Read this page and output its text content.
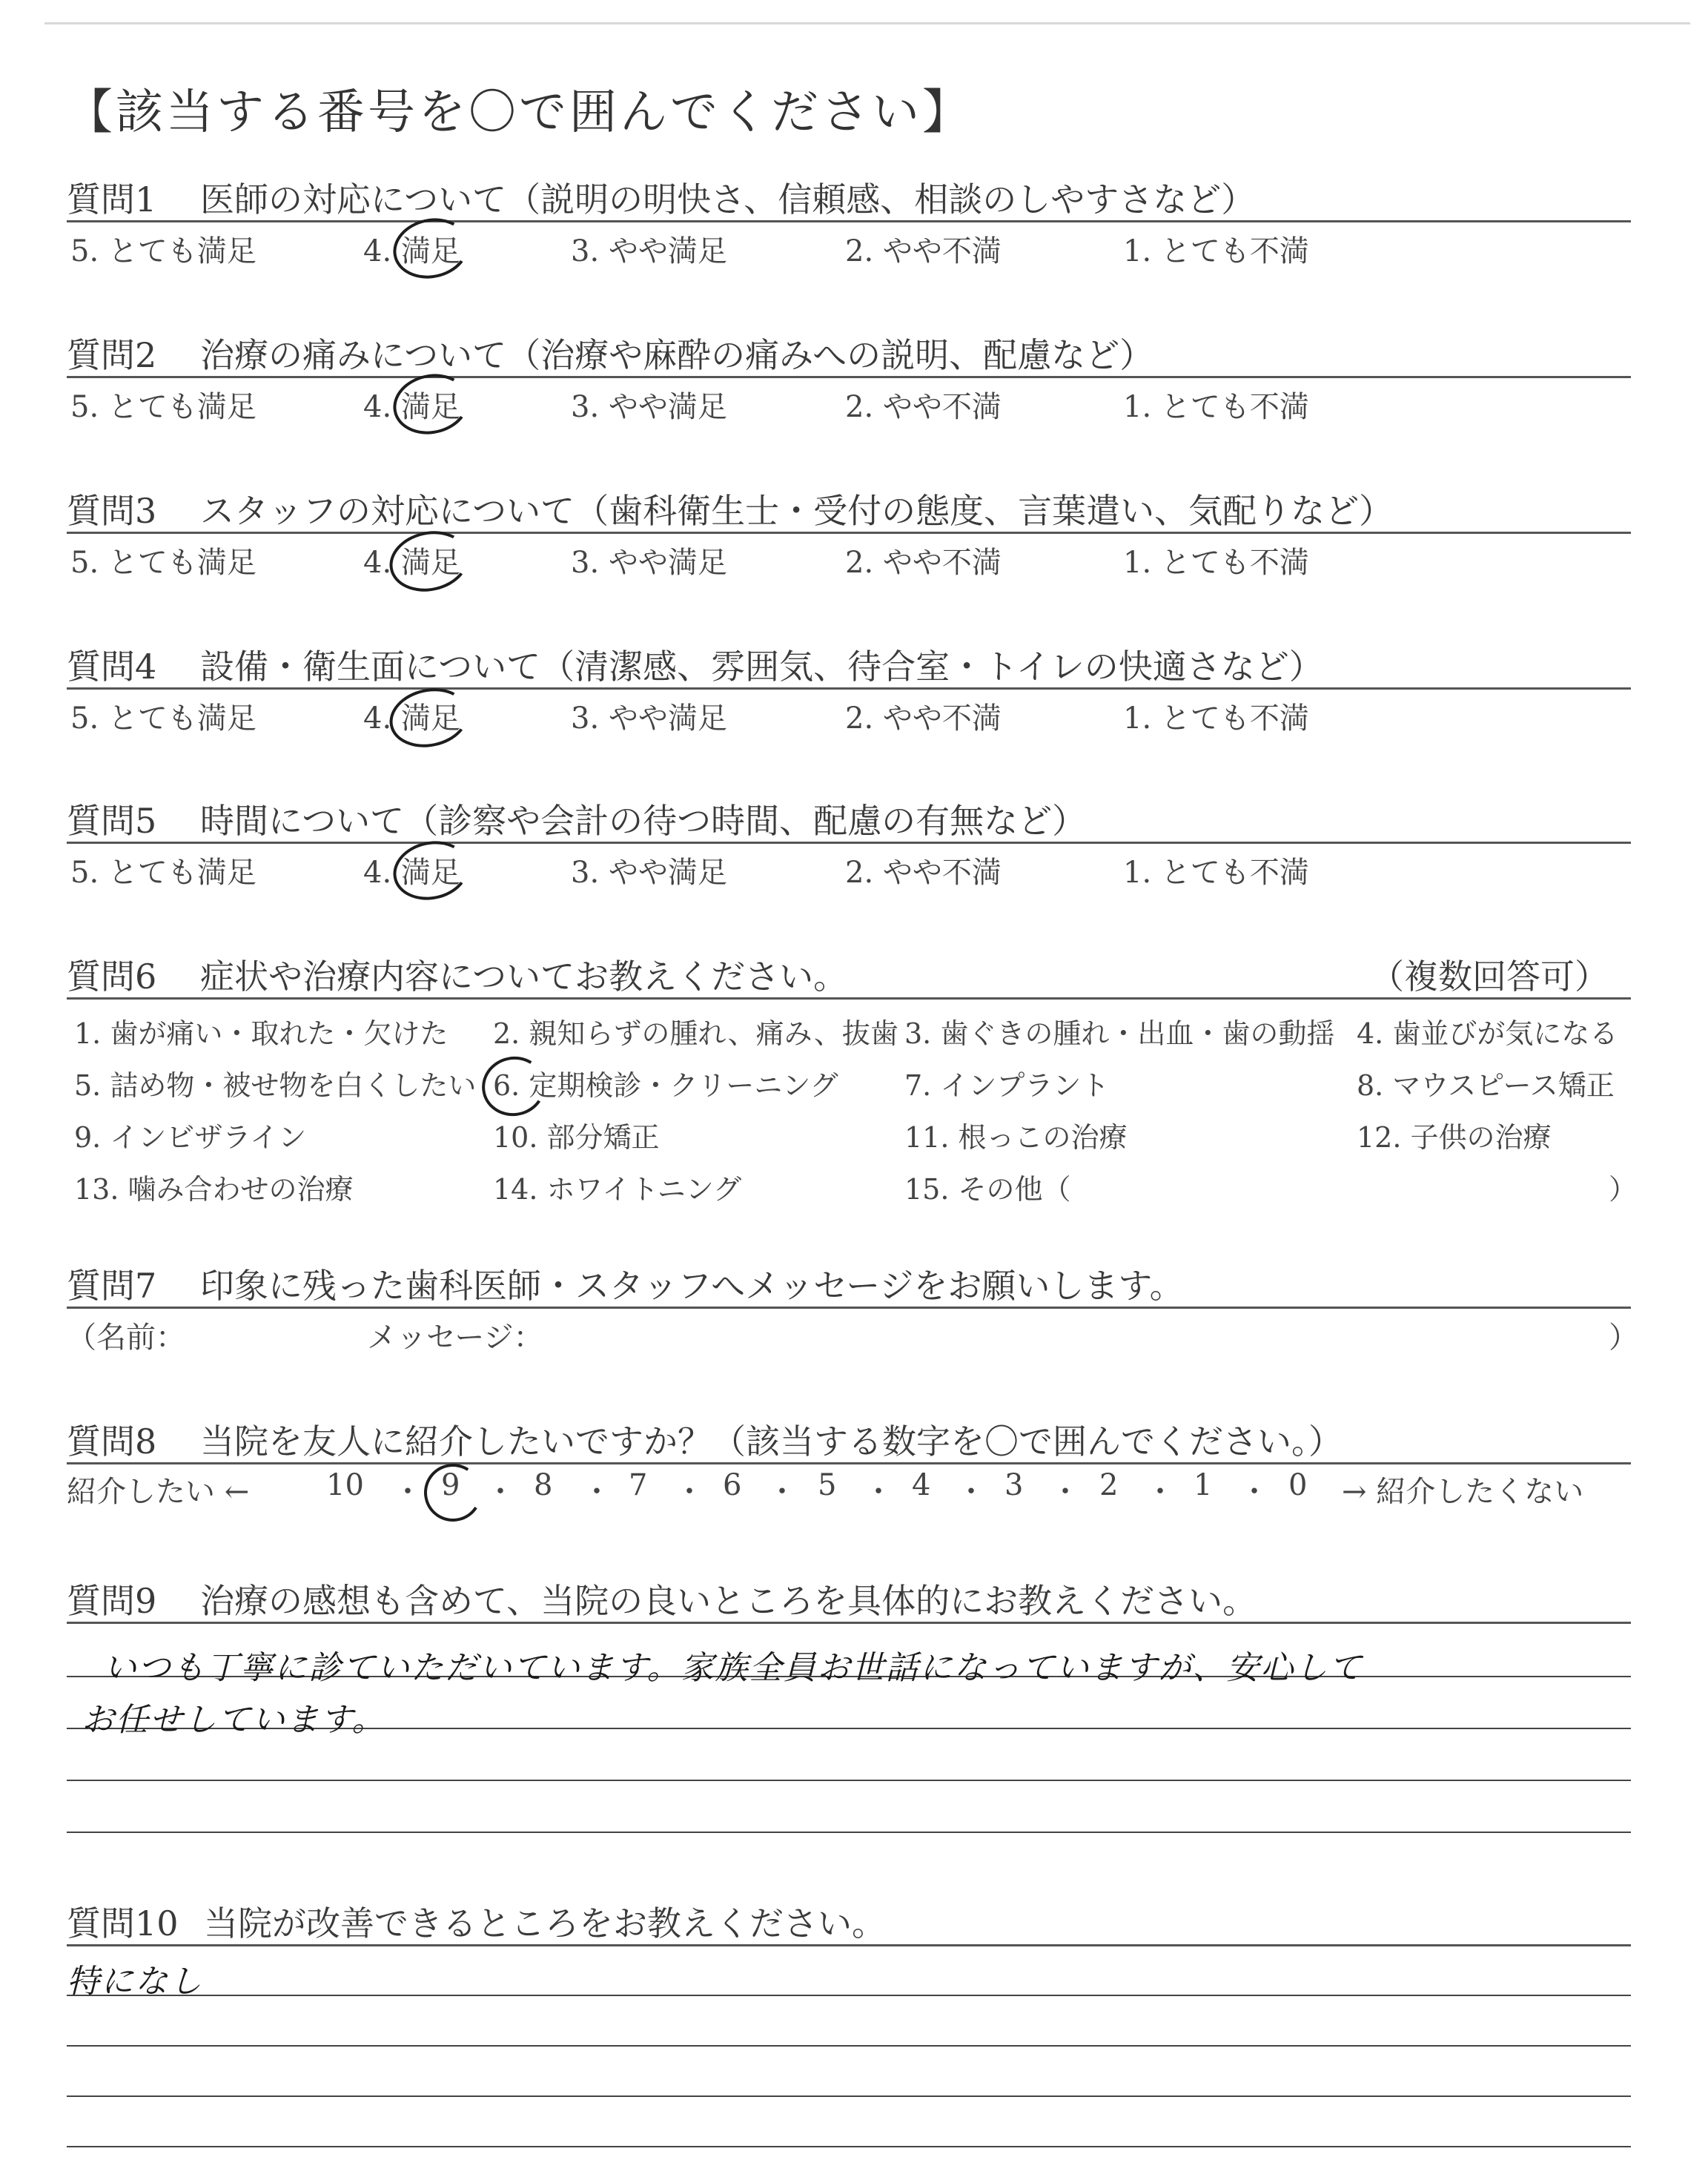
【該当する番号を〇で囲んでください】
質問1 医師の対応について（説明の明快さ、信頼感、相談のしやすさなど）
5. とても満足	4. 満足	3. やや満足	2. やや不満	1. とても不満
質問2 治療の痛みについて（治療や麻酔の痛みへの説明、配慮など）
5. とても満足	4. 満足	3. やや満足	2. やや不満	1. とても不満
質問3 スタッフの対応について（歯科衛生士・受付の態度、言葉遣い、気配りなど）
5. とても満足	4. 満足	3. やや満足	2. やや不満	1. とても不満
質問4 設備・衛生面について（清潔感、雰囲気、待合室・トイレの快適さなど）
5. とても満足	4. 満足	3. やや満足	2. やや不満	1. とても不満
質問5 時間について（診察や会計の待つ時間、配慮の有無など）
5. とても満足	4. 満足	3. やや満足	2. やや不満	1. とても不満
質問6 症状や治療内容についてお教えください。	（複数回答可）
1. 歯が痛い・取れた・欠けた 2. 親知らずの腫れ、痛み、抜歯 3. 歯ぐきの腫れ・出血・歯の動揺 4. 歯並びが気になる
5. 詰め物・被せ物を白くしたい 6. 定期検診・クリーニング 7. インプラント	8. マウスピース矯正
9. インビザライン	10. 部分矯正	11. 根っこの治療	12. 子供の治療
13. 噛み合わせの治療	14. ホワイトニング	15. その他（	）
質問7 印象に残った歯科医師・スタッフへメッセージをお願いします。
（名前：	メッセージ：	）
質問8 当院を友人に紹介したいですか？（該当する数字を〇で囲んでください。）
紹介したい ←	10 ・ 9 ・ 8 ・ 7 ・ 6 ・ 5 ・ 4 ・ 3 ・ 2 ・ 1 ・ 0 → 紹介したくない
質問9 治療の感想も含めて、当院の良いところを具体的にお教えください。
いつも丁寧に診ていただいています。家族全員お世話になっていますが、安心して
お任せしています。
質問10 当院が改善できるところをお教えください。
特になし
